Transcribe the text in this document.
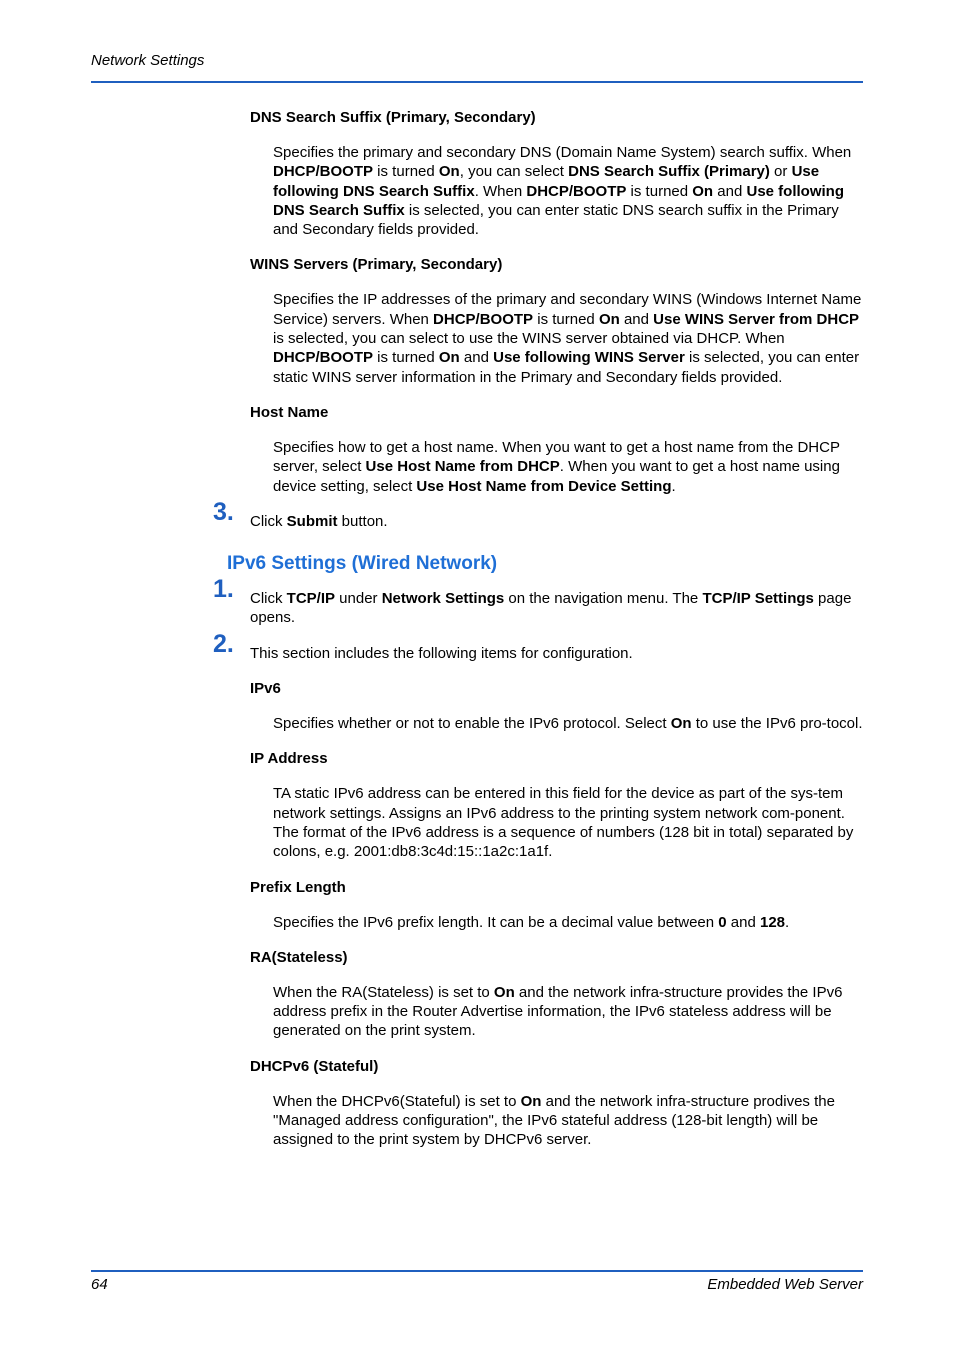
Network Settings
DNS Search Suffix (Primary, Secondary)

Specifies the primary and secondary DNS (Domain Name System) search suffix. When DHCP/BOOTP is turned On, you can select DNS Search Suffix (Primary) or Use following DNS Search Suffix. When DHCP/BOOTP is turned On and Use following DNS Search Suffix is selected, you can enter static DNS search suffix in the Primary and Secondary fields provided.

WINS Servers (Primary, Secondary)

Specifies the IP addresses of the primary and secondary WINS (Windows Internet Name Service) servers. When DHCP/BOOTP is turned On and Use WINS Server from DHCP is selected, you can select to use the WINS server obtained via DHCP. When DHCP/BOOTP is turned On and Use following WINS Server is selected, you can enter static WINS server information in the Primary and Secondary fields provided.

Host Name

Specifies how to get a host name. When you want to get a host name from the DHCP server, select Use Host Name from DHCP. When you want to get a host name using device setting, select Use Host Name from Device Setting.

3. Click Submit button.

IPv6 Settings (Wired Network)

1. Click TCP/IP under Network Settings on the navigation menu. The TCP/IP Settings page opens.

2. This section includes the following items for configuration.

IPv6

Specifies whether or not to enable the IPv6 protocol. Select On to use the IPv6 pro-tocol.

IP Address

TA static IPv6 address can be entered in this field for the device as part of the sys-tem network settings. Assigns an IPv6 address to the printing system network com-ponent. The format of the IPv6 address is a sequence of numbers (128 bit in total) separated by colons, e.g. 2001:db8:3c4d:15::1a2c:1a1f.

Prefix Length

Specifies the IPv6 prefix length. It can be a decimal value between 0 and 128.

RA(Stateless)

When the RA(Stateless) is set to On and the network infra-structure provides the IPv6 address prefix in the Router Advertise information, the IPv6 stateless address will be generated on the print system.

DHCPv6 (Stateful)

When the DHCPv6(Stateful) is set to On and the network infra-structure prodives the "Managed address configuration", the IPv6 stateful address (128-bit length) will be assigned to the print system by DHCPv6 server.

64	Embedded Web Server
